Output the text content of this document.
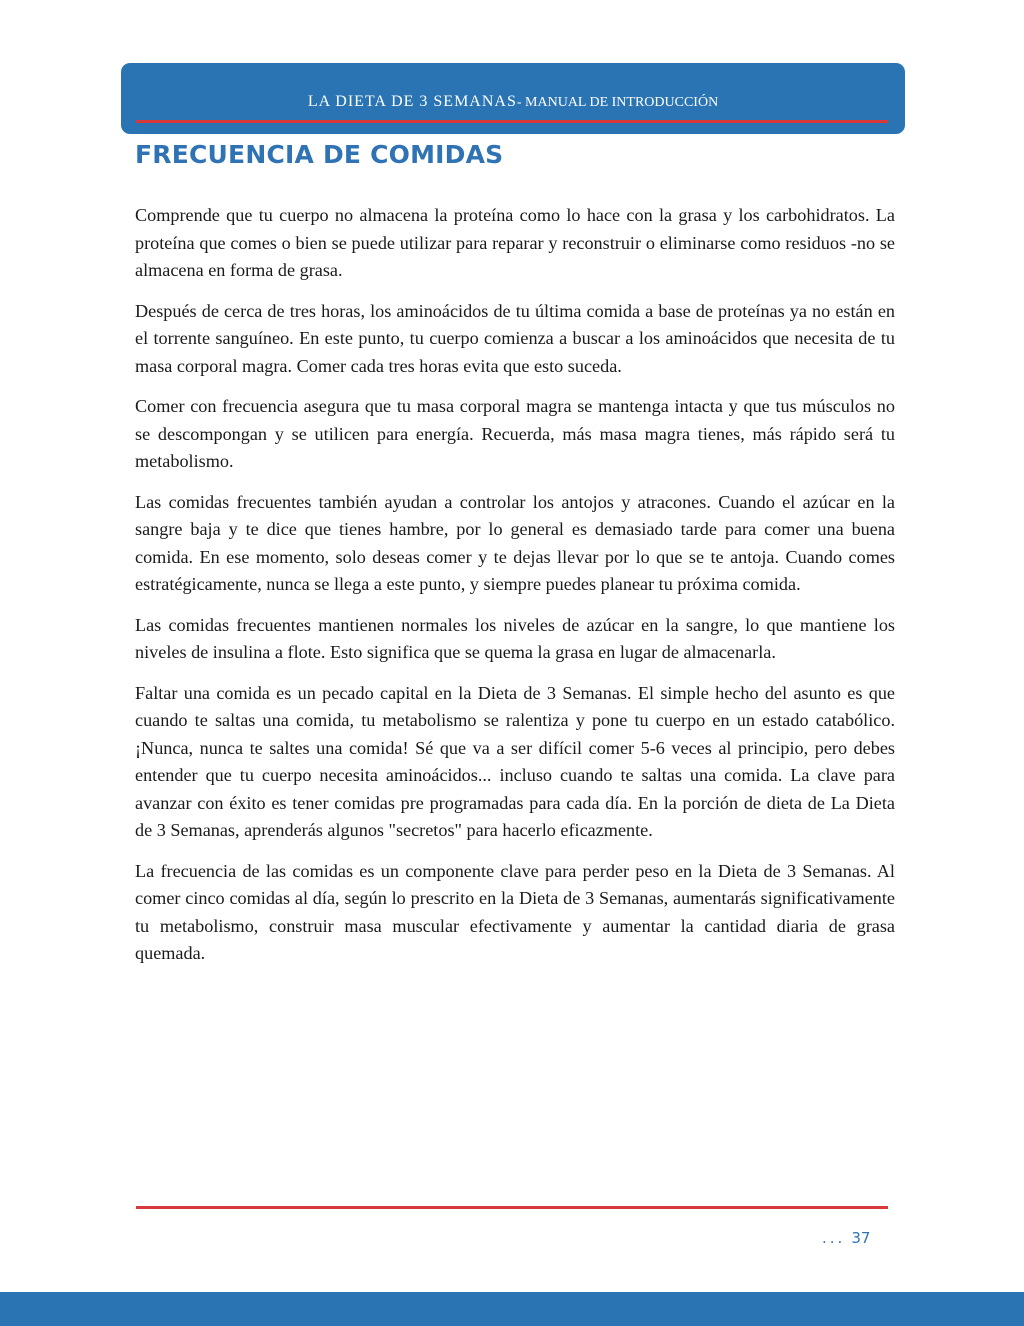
LA DIETA DE 3 SEMANAS- MANUAL DE INTRODUCCIÓN
FRECUENCIA DE COMIDAS

Comprende que tu cuerpo no almacena la proteína como lo hace con la grasa y los carbohidratos. La proteína que comes o bien se puede utilizar para reparar y reconstruir o eliminarse como residuos -no se almacena en forma de grasa.

Después de cerca de tres horas, los aminoácidos de tu última comida a base de proteínas ya no están en el torrente sanguíneo. En este punto, tu cuerpo comienza a buscar a los aminoácidos que necesita de tu masa corporal magra. Comer cada tres horas evita que esto suceda.

Comer con frecuencia asegura que tu masa corporal magra se mantenga intacta y que tus músculos no se descompongan y se utilicen para energía. Recuerda, más masa magra tienes, más rápido será tu metabolismo.

Las comidas frecuentes también ayudan a controlar los antojos y atracones. Cuando el azúcar en la sangre baja y te dice que tienes hambre, por lo general es demasiado tarde para comer una buena comida. En ese momento, solo deseas comer y te dejas llevar por lo que se te antoja. Cuando comes estratégicamente, nunca se llega a este punto, y siempre puedes planear tu próxima comida.

Las comidas frecuentes mantienen normales los niveles de azúcar en la sangre, lo que mantiene los niveles de insulina a flote. Esto significa que se quema la grasa en lugar de almacenarla.

Faltar una comida es un pecado capital en la Dieta de 3 Semanas. El simple hecho del asunto es que cuando te saltas una comida, tu metabolismo se ralentiza y pone tu cuerpo en un estado catabólico. ¡Nunca, nunca te saltes una comida! Sé que va a ser difícil comer 5-6 veces al principio, pero debes entender que tu cuerpo necesita aminoácidos... incluso cuando te saltas una comida. La clave para avanzar con éxito es tener comidas pre programadas para cada día. En la porción de dieta de La Dieta de 3 Semanas, aprenderás algunos "secretos" para hacerlo eficazmente.

La frecuencia de las comidas es un componente clave para perder peso en la Dieta de 3 Semanas. Al comer cinco comidas al día, según lo prescrito en la Dieta de 3 Semanas, aumentarás significativamente tu metabolismo, construir masa muscular efectivamente y aumentar la cantidad diaria de grasa quemada.

... 37
